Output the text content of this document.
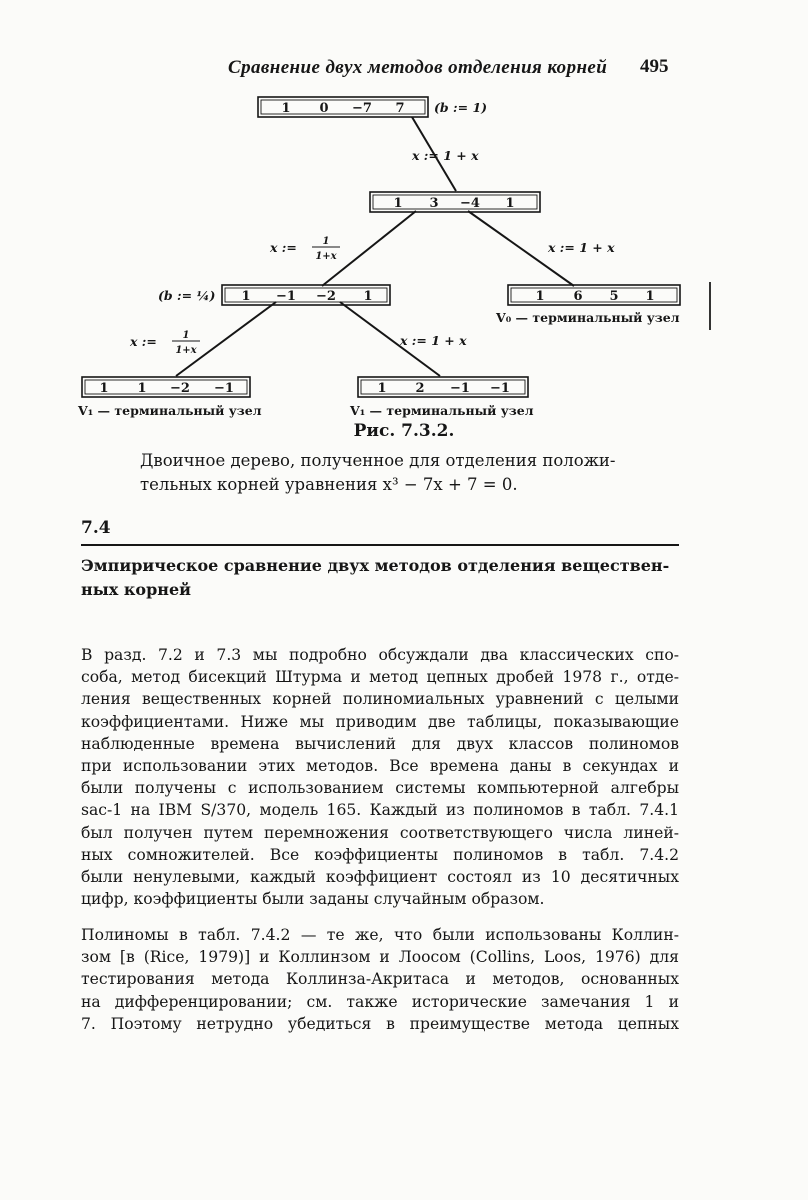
Сравнение двух методов отделения корней 495
1 0 −7 7 (b := 1)
1 3 −4 1
1 −1 −2 1
(b := ¼)	1 6 5 1
V₀ — терминальный узел
1 1 −2 −1
V₁ — терминальный узел
1 2 −1 −1
V₁ — терминальный узел
x := 1 + x
x := 1 + x
x := 1 + x
x :=	1
1+x
x :=	1
1+x
Рис. 7.3.2.
Двоичное дерево, полученное для отделения положи-
тельных корней уравнения x³ − 7x + 7 = 0.
7.4
Эмпирическое сравнение двух методов отделения веществен-
ных корней
В разд. 7.2 и 7.3 мы подробно обсуждали два классических спо-
соба, метод бисекций Штурма и метод цепных дробей 1978 г., отде-
ления вещественных корней полиномиальных уравнений с целыми
коэффициентами. Ниже мы приводим две таблицы, показывающие
наблюденные времена вычислений для двух классов полиномов
при использовании этих методов. Все времена даны в секундах и
были получены с использованием системы компьютерной алгебры
sac-1 на IBM S/370, модель 165. Каждый из полиномов в табл. 7.4.1
был получен путем перемножения соответствующего числа линей-
ных сомножителей. Все коэффициенты полиномов в табл. 7.4.2
были ненулевыми, каждый коэффициент состоял из 10 десятичных
цифр, коэффициенты были заданы случайным образом.
Полиномы в табл. 7.4.2 — те же, что были использованы Коллин-
зом [в (Rice, 1979)] и Коллинзом и Лоосом (Collins, Loos, 1976) для
тестирования метода Коллинза-Акритаса и методов, основанных
на дифференцировании; см. также исторические замечания 1 и
7. Поэтому нетрудно убедиться в преимуществе метода цепных
